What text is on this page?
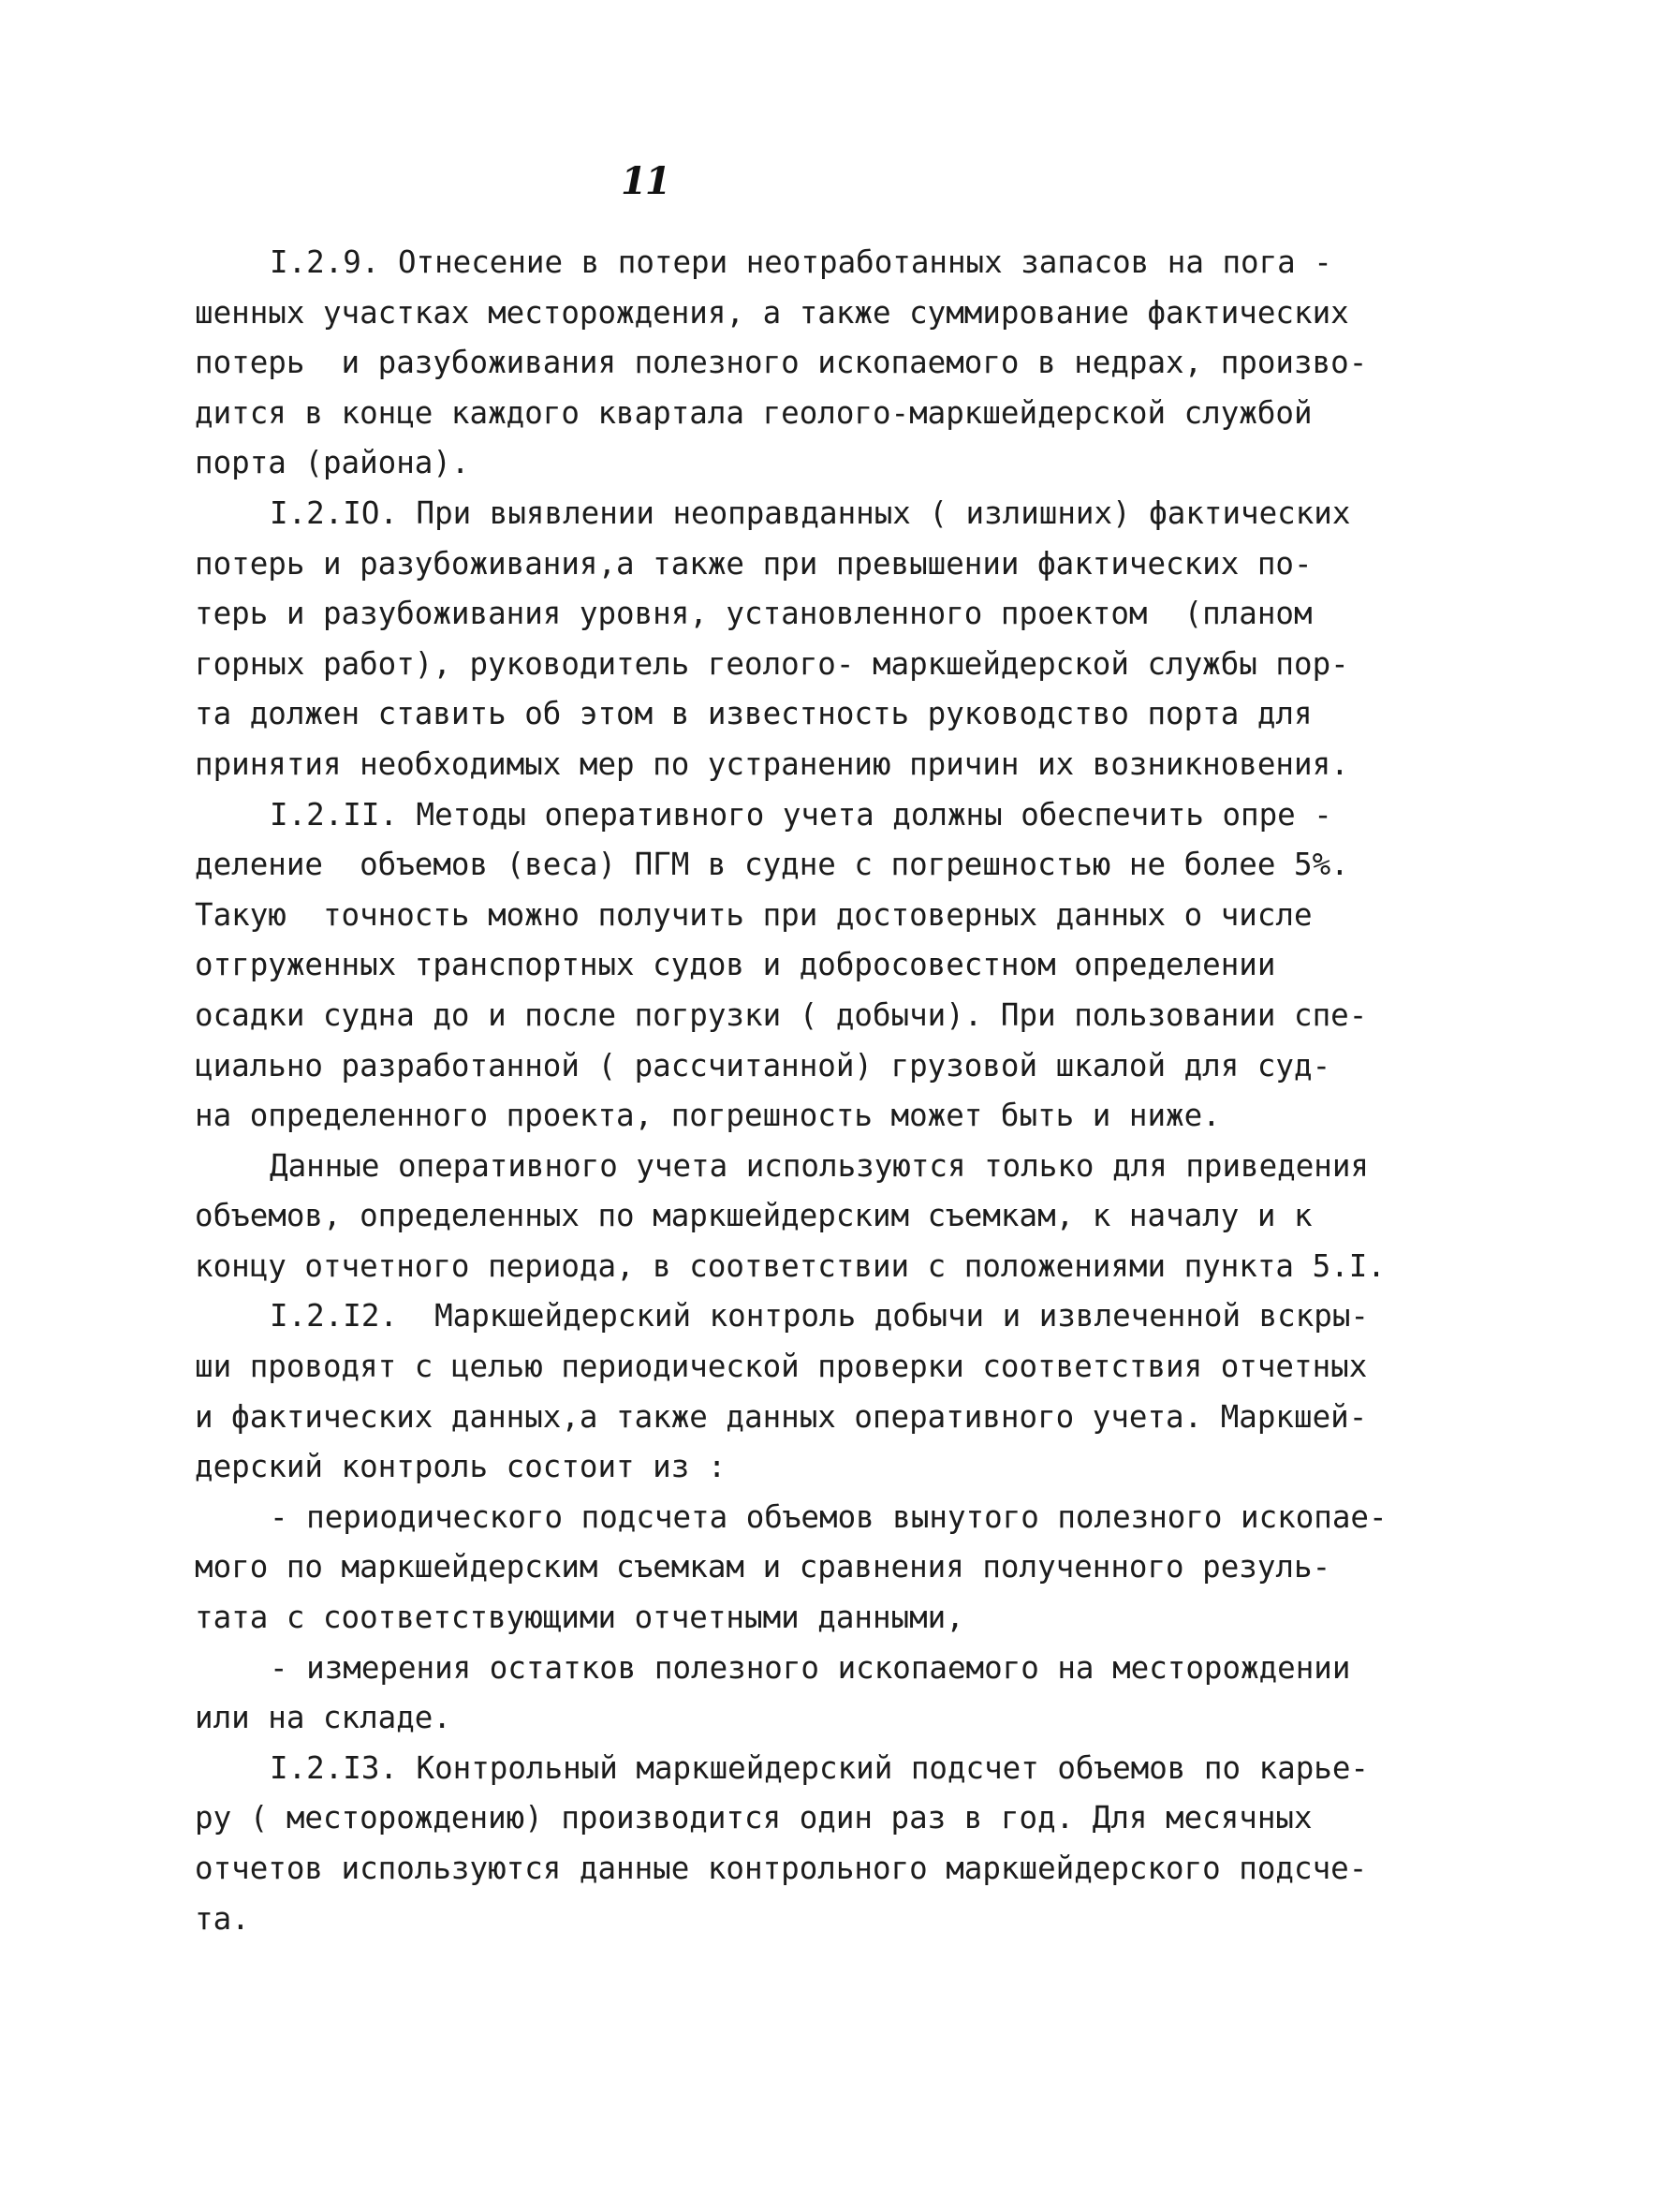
11
I.2.9. Отнесение в потери неотработанных запасов на пога -
шенных участках месторождения, а также суммирование фактических
потерь  и разубоживания полезного ископаемого в недрах, произво-
дится в конце каждого квартала геолого-маркшейдерской службой
порта (района).
I.2.IO. При выявлении неоправданных ( излишних) фактических
потерь и разубоживания,а также при превышении фактических по-
терь и разубоживания уровня, установленного проектом  (планом
горных работ), руководитель геолого- маркшейдерской службы пор-
та должен ставить об этом в известность руководство порта для
принятия необходимых мер по устранению причин их возникновения.
I.2.II. Методы оперативного учета должны обеспечить опре -
деление  объемов (веса) ПГМ в судне с погрешностью не более 5%.
Такую  точность можно получить при достоверных данных о числе
отгруженных транспортных судов и добросовестном определении
осадки судна до и после погрузки ( добычи). При пользовании спе-
циально разработанной ( рассчитанной) грузовой шкалой для суд-
на определенного проекта, погрешность может быть и ниже.
Данные оперативного учета используются только для приведения
объемов, определенных по маркшейдерским съемкам, к началу и к
концу отчетного периода, в соответствии с положениями пункта 5.I.
I.2.I2.  Маркшейдерский контроль добычи и извлеченной вскры-
ши проводят с целью периодической проверки соответствия отчетных
и фактических данных,а также данных оперативного учета. Маркшей-
дерский контроль состоит из :
- периодического подсчета объемов вынутого полезного ископае-
мого по маркшейдерским съемкам и сравнения полученного резуль-
тата с соответствующими отчетными данными,
- измерения остатков полезного ископаемого на месторождении
или на складе.
I.2.I3. Контрольный маркшейдерский подсчет объемов по карье-
ру ( месторождению) производится один раз в год. Для месячных
отчетов используются данные контрольного маркшейдерского подсче-
та.
